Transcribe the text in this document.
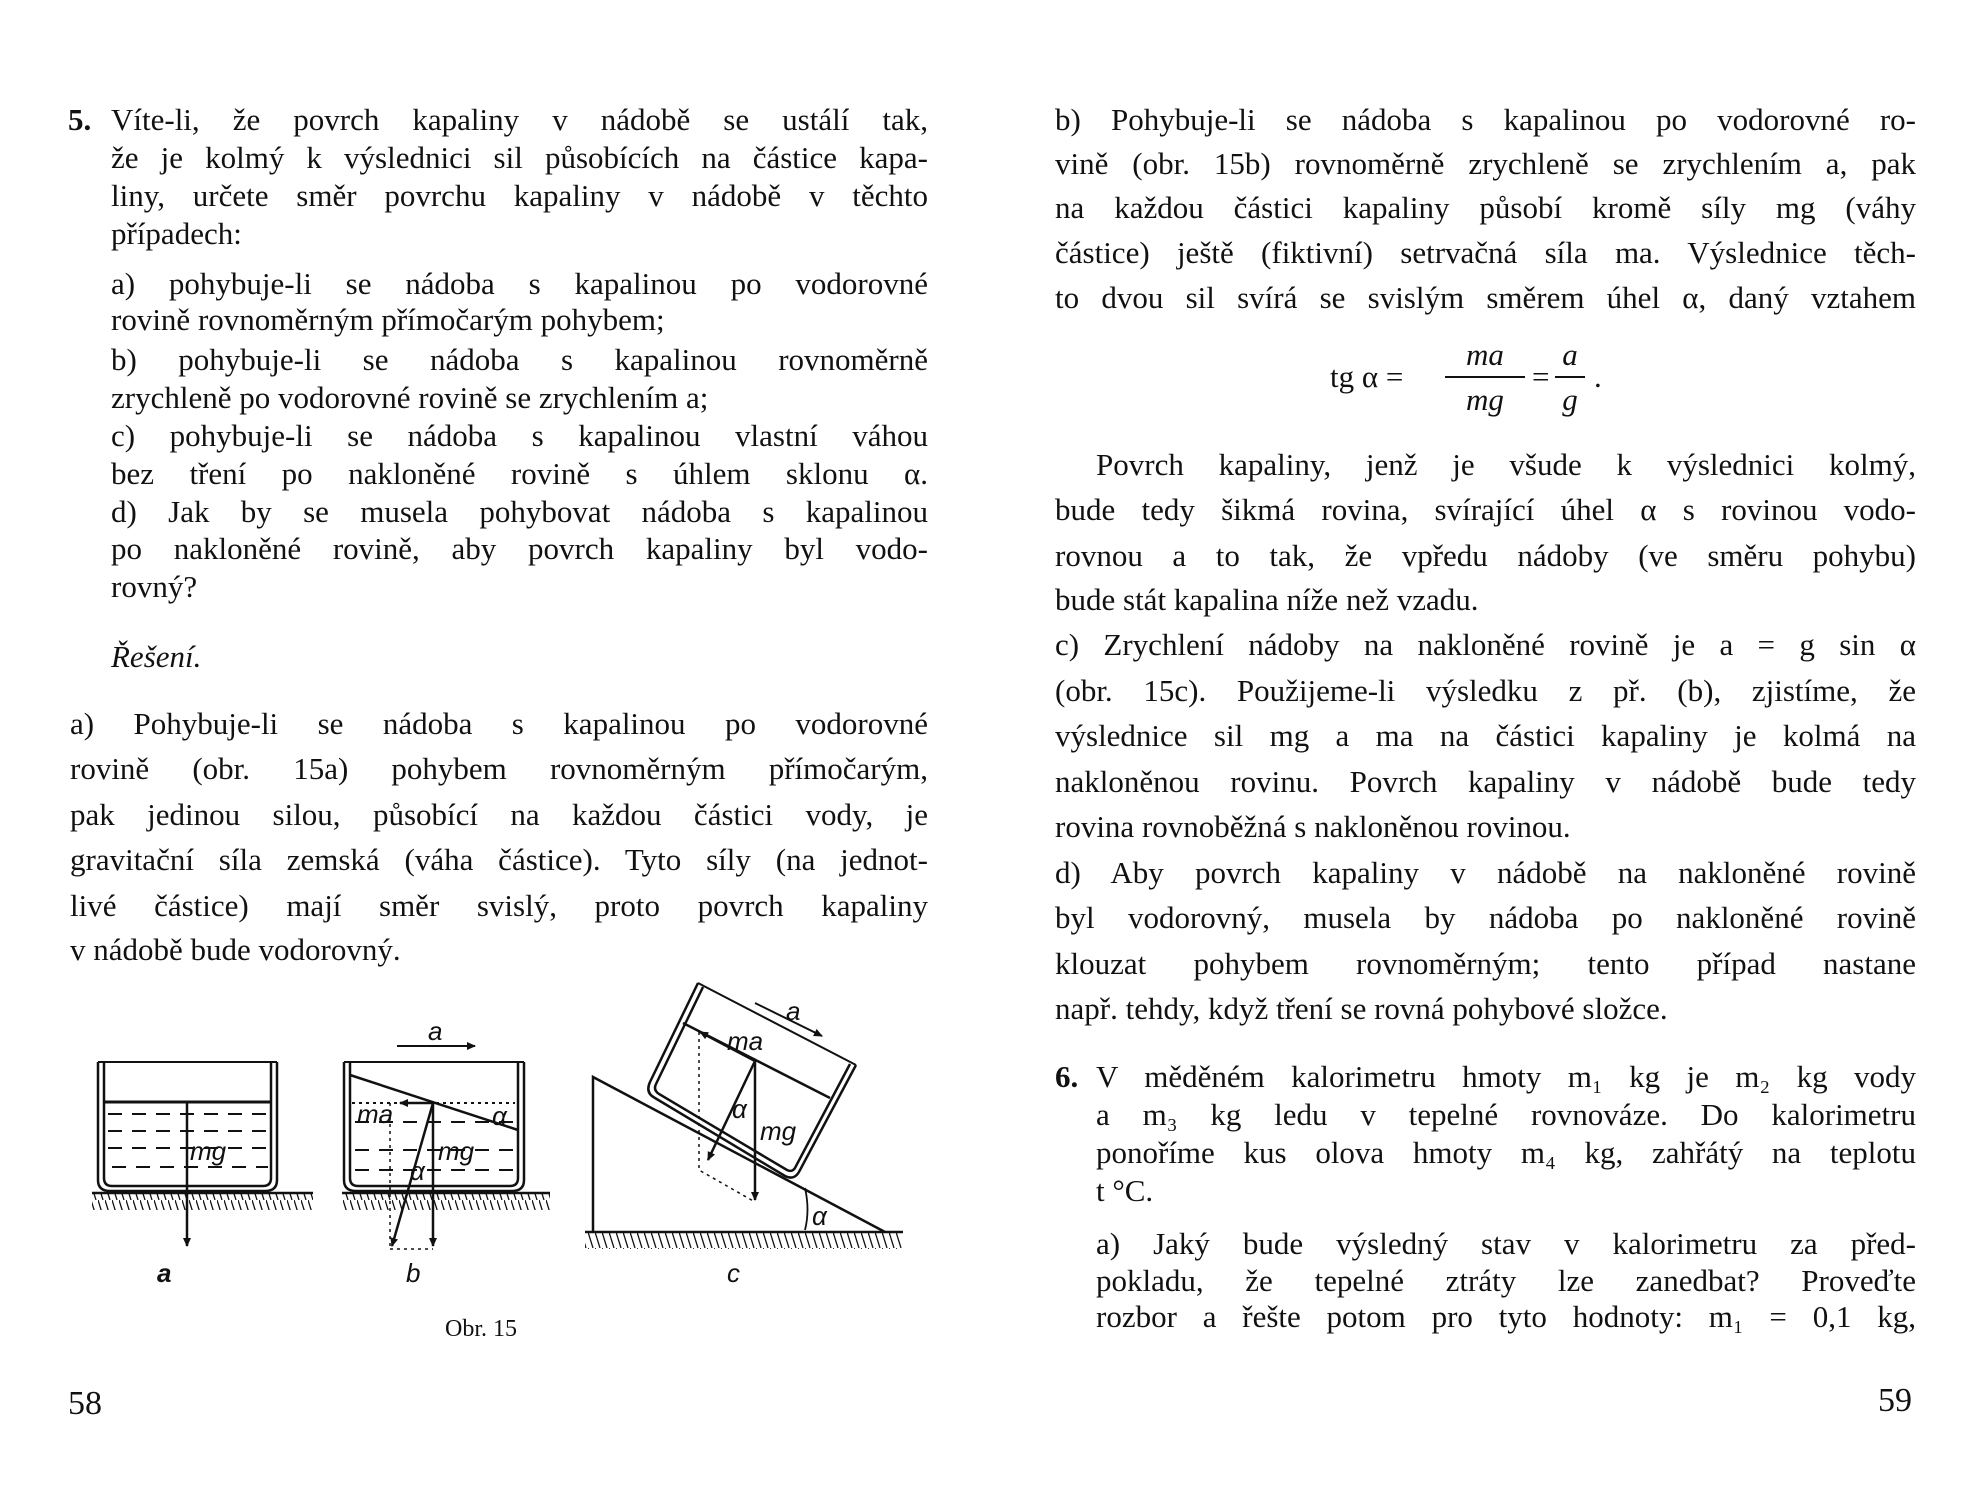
Víte-li, že povrch kapaliny v nádobě se ustálí tak,
že je kolmý k výslednici sil působících na částice kapa-
liny, určete směr povrchu kapaliny v nádobě v těchto
případech:
a) pohybuje-li se nádoba s kapalinou po vodorovné
rovině rovnoměrným přímočarým pohybem;
b) pohybuje-li se nádoba s kapalinou rovnoměrně
zrychleně po vodorovné rovině se zrychlením a;
c) pohybuje-li se nádoba s kapalinou vlastní váhou
bez tření po nakloněné rovině s úhlem sklonu α.
d) Jak by se musela pohybovat nádoba s kapalinou
po nakloněné rovině, aby povrch kapaliny byl vodo-
rovný?
a) Pohybuje-li se nádoba s kapalinou po vodorovné
rovině (obr. 15a) pohybem rovnoměrným přímočarým,
pak jedinou silou, působící na každou částici vody, je
gravitační síla zemská (váha částice). Tyto síly (na jednot-
livé částice) mají směr svislý, proto povrch kapaliny
v nádobě bude vodorovný.
b) Pohybuje-li se nádoba s kapalinou po vodorovné ro-
vině (obr. 15b) rovnoměrně zrychleně se zrychlením a, pak
na každou částici kapaliny působí kromě síly mg (váhy
částice) ještě (fiktivní) setrvačná síla ma. Výslednice těch-
to dvou sil svírá se svislým směrem úhel α, daný vztahem
Povrch kapaliny, jenž je všude k výslednici kolmý,
bude tedy šikmá rovina, svírající úhel α s rovinou vodo-
rovnou a to tak, že vpředu nádoby (ve směru pohybu)
bude stát kapalina níže než vzadu.
c) Zrychlení nádoby na nakloněné rovině je a = g sin α
(obr. 15c). Použijeme-li výsledku z př. (b), zjistíme, že
výslednice sil mg a ma na částici kapaliny je kolmá na
nakloněnou rovinu. Povrch kapaliny v nádobě bude tedy
rovina rovnoběžná s nakloněnou rovinou.
d) Aby povrch kapaliny v nádobě na nakloněné rovině
byl vodorovný, musela by nádoba po nakloněné rovině
klouzat pohybem rovnoměrným; tento případ nastane
např. tehdy, když tření se rovná pohybové složce.
V měděném kalorimetru hmoty m₁ kg je m₂ kg vody
a m₃ kg ledu v tepelné rovnováze. Do kalorimetru
ponoříme kus olova hmoty m₄ kg, zahřátý na teplotu
t °C.
a) Jaký bude výsledný stav v kalorimetru za před-
pokladu, že tepelné ztráty lze zanedbat? Proveďte
rozbor a řešte potom pro tyto hodnoty: m₁ = 0,1 kg,
Řešení.
5.
6.
tg α =
ma
mg
=
a
g
.
58	59
mg
ma
mg
α
α
a	ma
mg
α
a
α
a	b	c
Obr. 15
